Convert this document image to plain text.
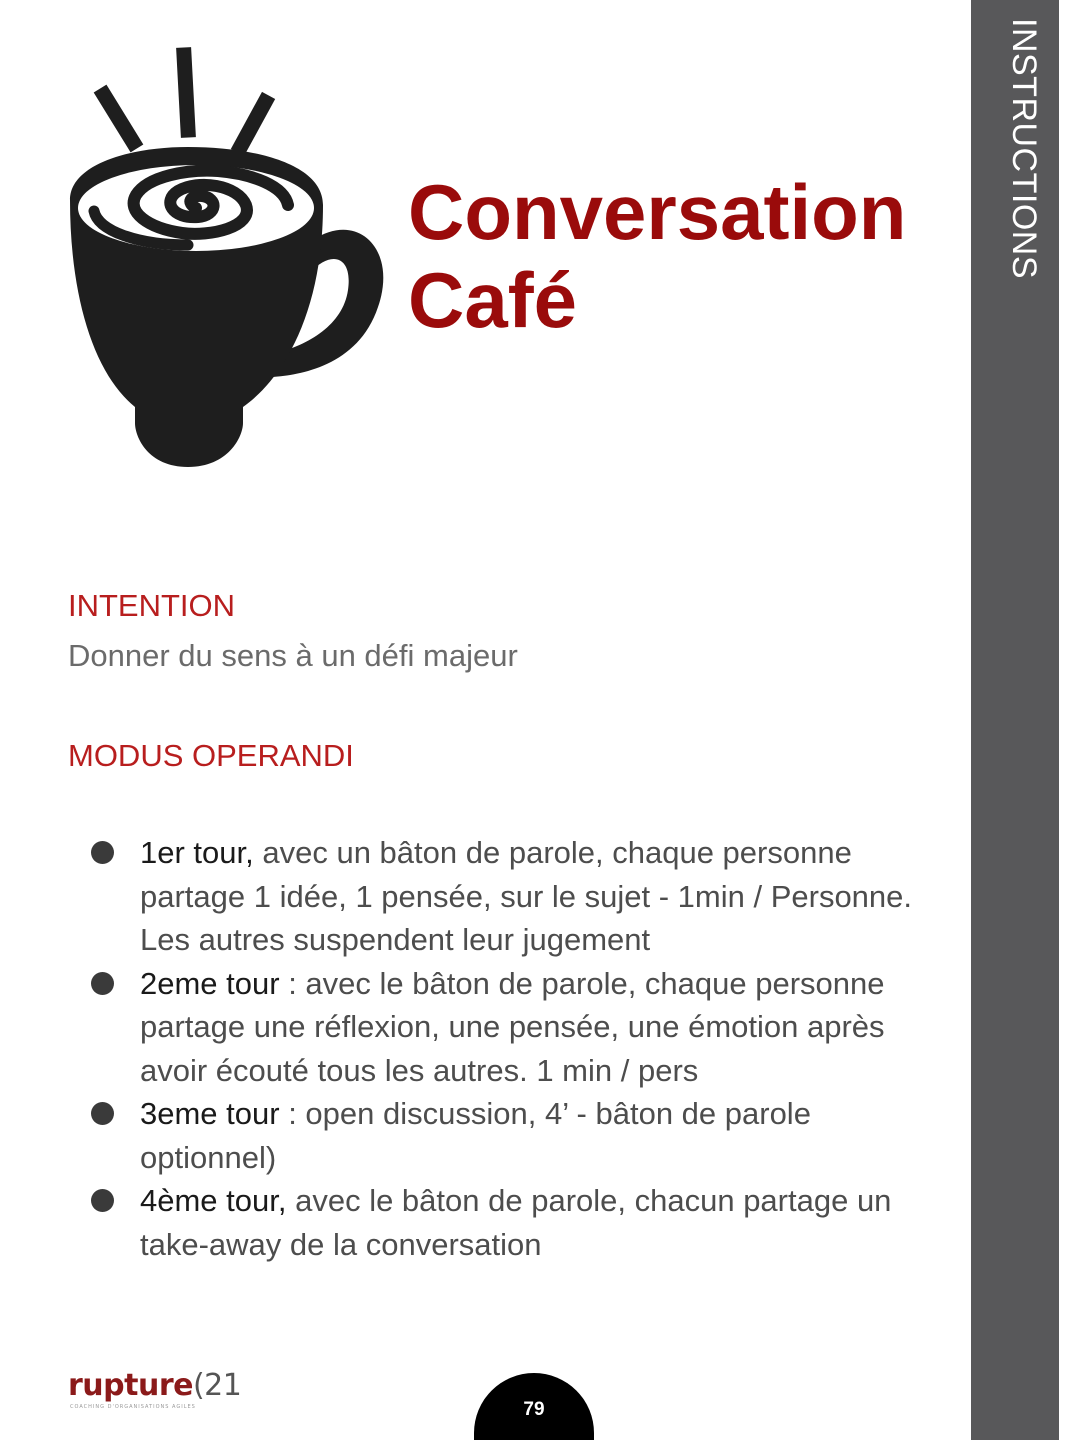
INSTRUCTIONS
Conversation
Café
INTENTION

Donner du sens à un défi majeur

MODUS OPERANDI
1er tour, avec un bâton de parole, chaque personne partage 1 idée, 1 pensée, sur le sujet - 1min / Personne. Les autres suspendent leur jugement
2eme tour : avec le bâton de parole, chaque personne partage une réflexion, une pensée, une émotion après avoir écouté tous les autres. 1 min / pers
3eme tour : open discussion, 4’ - bâton de parole optionnel)
4ème tour, avec le bâton de parole, chacun partage un take-away de la conversation
rupture(21
COACHING D'ORGANISATIONS AGILES	79
